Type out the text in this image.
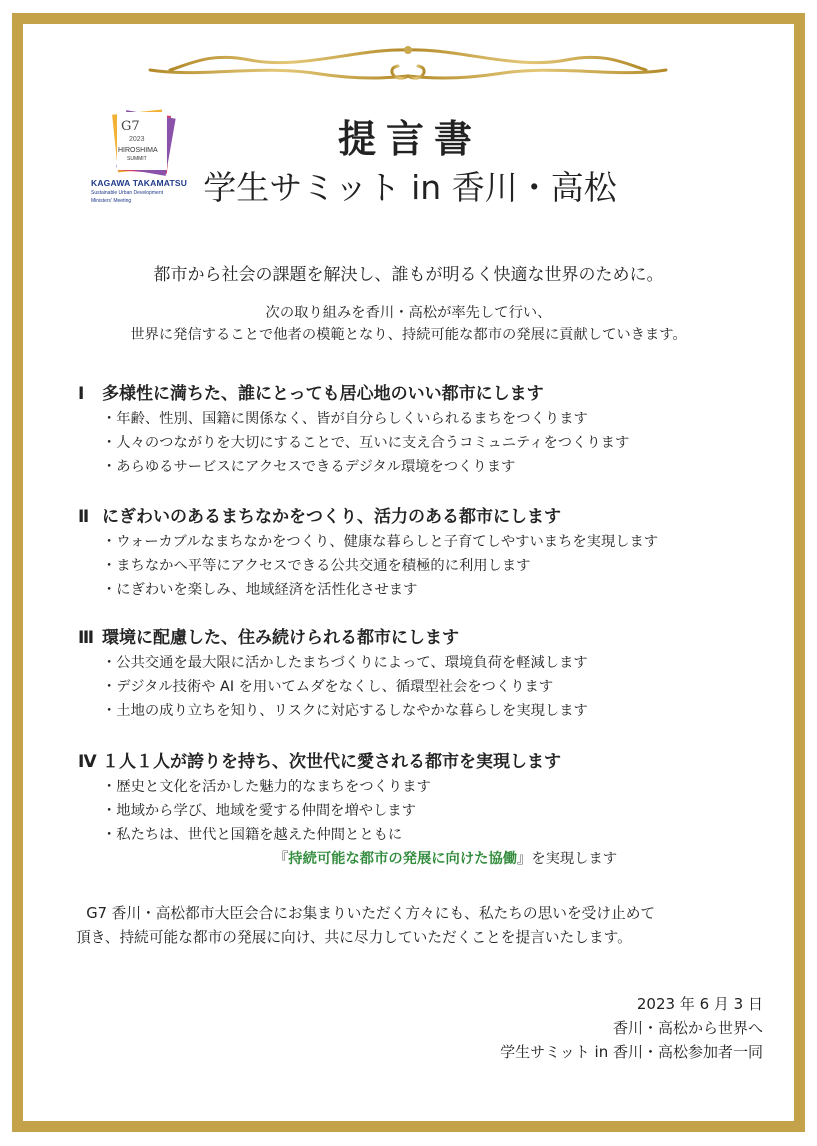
G7
2023
HIROSHIMA
SUMMIT
KAGAWA TAKAMATSU
Sustainable Urban Development
Ministers' Meeting
提言書
学生サミット in 香川・高松
都市から社会の課題を解決し、誰もが明るく快適な世界のために。
次の取り組みを香川・高松が率先して行い、
世界に発信することで他者の模範となり、持続可能な都市の発展に貢献していきます。
Ⅰ 多様性に満ちた、誰にとっても居心地のいい都市にします
・年齢、性別、国籍に関係なく、皆が自分らしくいられるまちをつくります
・人々のつながりを大切にすることで、互いに支え合うコミュニティをつくります
・あらゆるサービスにアクセスできるデジタル環境をつくります
Ⅱ にぎわいのあるまちなかをつくり、活力のある都市にします
・ウォーカブルなまちなかをつくり、健康な暮らしと子育てしやすいまちを実現します
・まちなかへ平等にアクセスできる公共交通を積極的に利用します
・にぎわいを楽しみ、地域経済を活性化させます
Ⅲ 環境に配慮した、住み続けられる都市にします
・公共交通を最大限に活かしたまちづくりによって、環境負荷を軽減します
・デジタル技術や AI を用いてムダをなくし、循環型社会をつくります
・土地の成り立ちを知り、リスクに対応するしなやかな暮らしを実現します
Ⅳ １人１人が誇りを持ち、次世代に愛される都市を実現します
・歴史と文化を活かした魅力的なまちをつくります
・地域から学び、地域を愛する仲間を増やします
・私たちは、世代と国籍を越えた仲間とともに
『持続可能な都市の発展に向けた協働』を実現します
G7 香川・高松都市大臣会合にお集まりいただく方々にも、私たちの思いを受け止めて
頂き、持続可能な都市の発展に向け、共に尽力していただくことを提言いたします。
2023 年 6 月 3 日
香川・高松から世界へ
学生サミット in 香川・高松参加者一同
